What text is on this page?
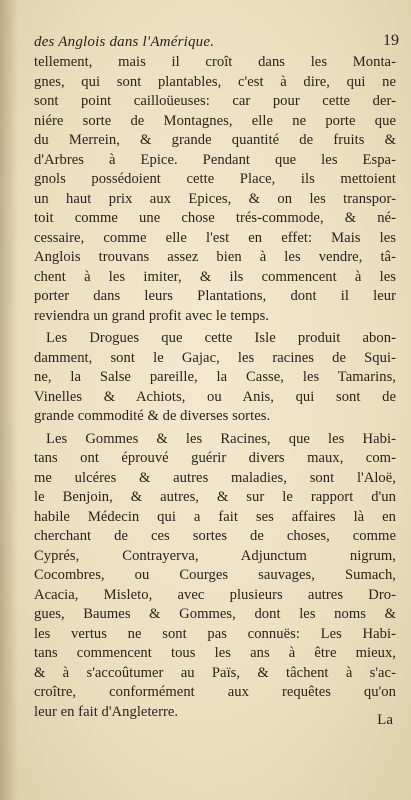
des Anglois dans l'Amérique.	19
tellement, mais il croît dans les Monta-
gnes, qui sont plantables, c'est à dire, qui ne
sont point cailloüeuses: car pour cette der-
niére sorte de Montagnes, elle ne porte que
du Merrein, & grande quantité de fruits &
d'Arbres à Epice. Pendant que les Espa-
gnols possédoient cette Place, ils mettoient
un haut prix aux Epices, & on les transpor-
toit comme une chose trés-commode, & né-
cessaire, comme elle l'est en effet: Mais les
Anglois trouvans assez bien à les vendre, tâ-
chent à les imiter, & ils commencent à les
porter dans leurs Plantations, dont il leur
reviendra un grand profit avec le temps.
Les Drogues que cette Isle produit abon-
damment, sont le Gajac, les racines de Squi-
ne, la Salse pareille, la Casse, les Tamarins,
Vinelles & Achiots, ou Anis, qui sont de
grande commodité & de diverses sortes.
Les Gommes & les Racines, que les Habi-
tans ont éprouvé guérir divers maux, com-
me ulcéres & autres maladies, sont l'Aloë,
le Benjoin, & autres, & sur le rapport d'un
habile Médecin qui a fait ses affaires là en
cherchant de ces sortes de choses, comme
Cyprés, Contrayerva, Adjunctum nigrum,
Cocombres, ou Courges sauvages, Sumach,
Acacia, Misleto, avec plusieurs autres Dro-
gues, Baumes & Gommes, dont les noms &
les vertus ne sont pas connuës: Les Habi-
tans commencent tous les ans à être mieux,
& à s'accoûtumer au Païs, & tâchent à s'ac-
croître, conformément aux requêtes qu'on
leur en fait d'Angleterre.
La
